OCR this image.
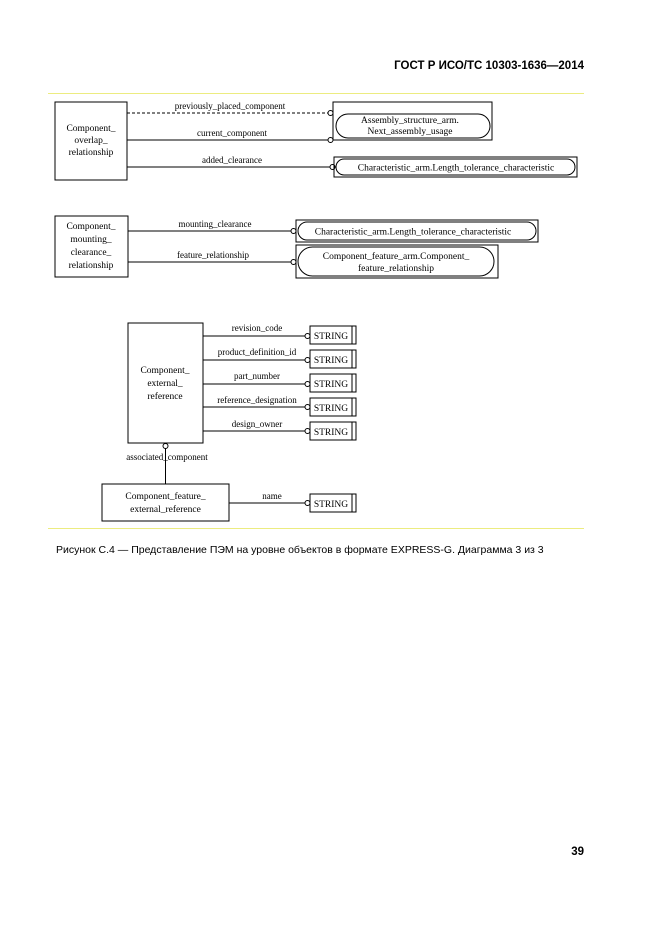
ГОСТ Р ИСО/ТС 10303-1636—2014
Component_
overlap_
relationship
previously_placed_component
current_component
added_clearance
Assembly_structure_arm.
Next_assembly_usage
Characteristic_arm.Length_tolerance_characteristic
Component_
mounting_
clearance_
relationship
mounting_clearance
feature_relationship
Characteristic_arm.Length_tolerance_characteristic
Component_feature_arm.Component_
feature_relationship
Component_
external_
reference
revision_code
STRING
product_definition_id
STRING
part_number
STRING
reference_designation
STRING
design_owner
STRING
associated_component
Component_feature_
external_reference
name
STRING
Рисунок С.4 — Представление ПЭМ на уровне объектов в формате EXPRESS-G. Диаграмма 3 из 3
39
